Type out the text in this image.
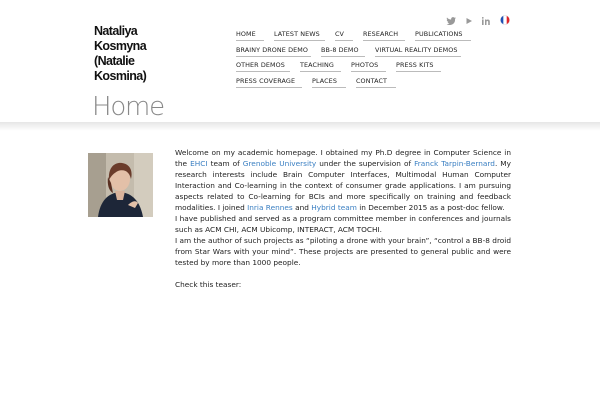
Nataliya Kosmyna (Natalie Kosmina)
HOME	LATEST NEWS	CV	RESEARCH	PUBLICATIONS
BRAINY DRONE DEMO	BB-8 DEMO	VIRTUAL REALITY DEMOS
OTHER DEMOS	TEACHING	PHOTOS	PRESS KITS
PRESS COVERAGE	PLACES	CONTACT
Home

Welcome on my academic homepage. I obtained my Ph.D degree in Computer Science in the EHCI team of Grenoble University under the supervision of Franck Tarpin-Bernard. My research interests include Brain Computer Interfaces, Multimodal Human Computer Interaction and Co-learning in the context of consumer grade applications. I am pursuing aspects related to Co-learning for BCIs and more specifically on training and feedback modalities. I joined Inria Rennes and Hybrid team in December 2015 as a post-doc fellow.

I have published and served as a program committee member in conferences and journals such as ACM CHI, ACM Ubicomp, INTERACT, ACM TOCHI.

I am the author of such projects as “piloting a drone with your brain”, “control a BB-8 droid from Star Wars with your mind”. These projects are presented to general public and were tested by more than 1000 people.

Check this teaser:
